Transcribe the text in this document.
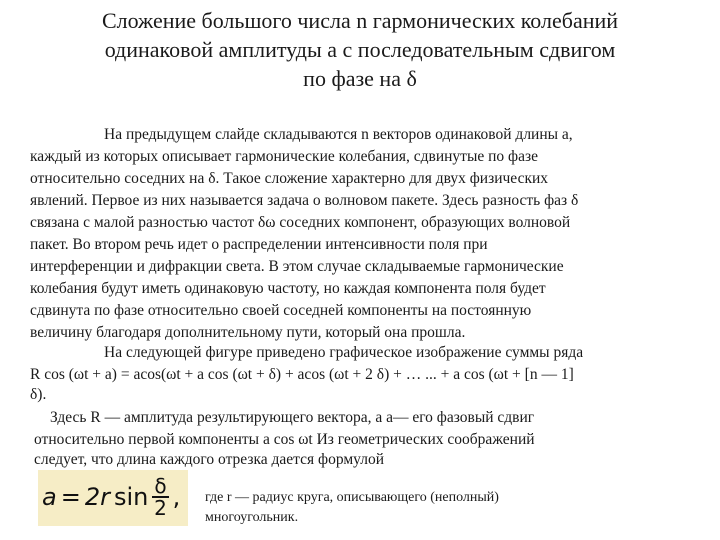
Сложение большого числа n гармонических колебаний
одинаковой амплитуды а с последовательным сдвигом
по фазе на δ
На предыдущем слайде складываются n векторов одинаковой длины а,
каждый из которых описывает гармонические колебания, сдвинутые по фазе
относительно соседних на δ. Такое сложение характерно для двух физических
явлений. Первое из них называется задача о волновом пакете. Здесь разность фаз δ
связана с малой разностью частот δω соседних компонент, образующих волновой
пакет. Во втором речь идет о распределении интенсивности поля при
интерференции и дифракции света. В этом случае складываемые гармонические
колебания будут иметь одинаковую частоту, но каждая компонента поля будет
сдвинута по фазе относительно своей соседней компоненты на постоянную
величину благодаря дополнительному пути, который она прошла.
На следующей фигуре приведено графическое изображение суммы ряда
R cos (ωt + а) = аcos(ωt + а cos (ωt + δ) + аcos (ωt + 2 δ) + … ... + а cos (ωt + [n — 1]
δ).
Здесь R — амплитуда результирующего вектора, а а— его фазовый сдвиг
относительно первой компоненты а cos ωt Из геометрических соображений
следует, что длина каждого отрезка дается формулой
a = 2r $\sin \frac{\delta}{2}$ , где r — радиус круга, описывающего (неполный)
многоугольник.
